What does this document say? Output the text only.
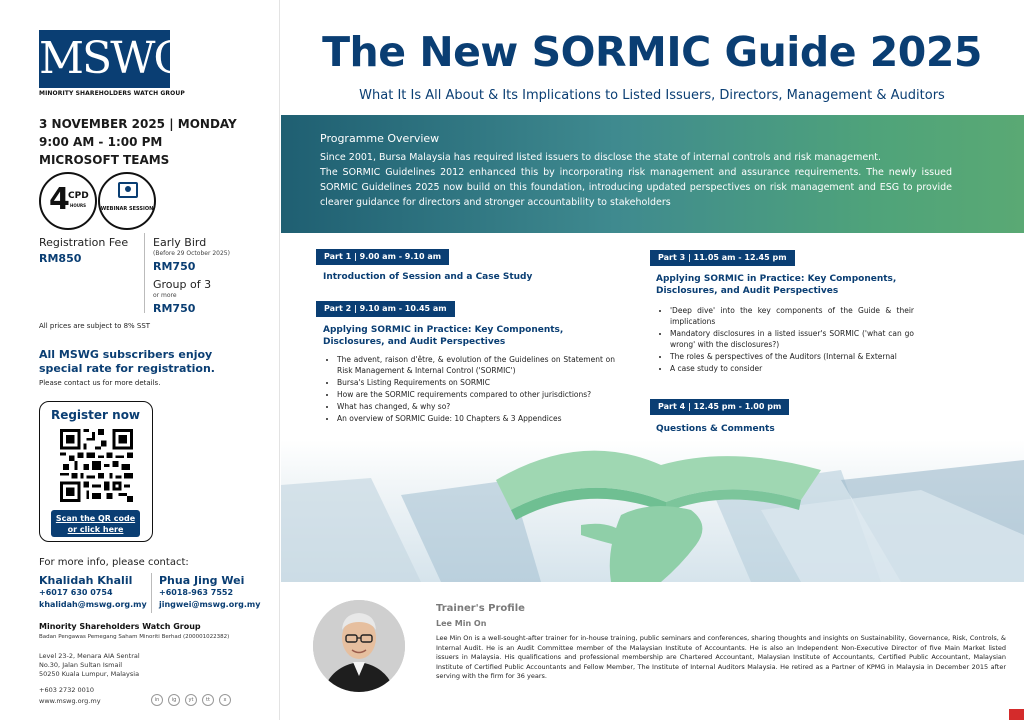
MSWG
MINORITY SHAREHOLDERS WATCH GROUP
3 NOVEMBER 2025 | MONDAY
9:00 AM - 1:00 PM
MICROSOFT TEAMS
4
CPD
HOURS
WEBINAR SESSION
Registration Fee
RM850
Early Bird
(Before 29 October 2025)
RM750
Group of 3
or more
RM750
All prices are subject to 8% SST
All MSWG subscribers enjoy special rate for registration.
Please contact us for more details.
Register now
Scan the QR code
or click here
For more info, please contact:
Khalidah Khalil
+6017 630 0754
khalidah@mswg.org.my
Phua Jing Wei
+6018-963 7552
jingwei@mswg.org.my
Minority Shareholders Watch Group
Badan Pengawas Pemegang Saham Minoriti Berhad (200001022382)
Level 23-2, Menara AIA Sentral
No.30, Jalan Sultan Ismail
50250 Kuala Lumpur, Malaysia
+603 2732 0010
www.mswg.org.my	in	ig	yt	tt	x
The New SORMIC Guide 2025
What It Is All About & Its Implications to Listed Issuers, Directors, Management & Auditors
Programme Overview
Since 2001, Bursa Malaysia has required listed issuers to disclose the state of internal controls and risk management.
The SORMIC Guidelines 2012 enhanced this by incorporating risk management and assurance requirements. The newly issued SORMIC Guidelines 2025 now build on this foundation, introducing updated perspectives on risk management and ESG to provide clearer guidance for directors and stronger accountability to stakeholders
Part 1 | 9.00 am - 9.10 am
Introduction of Session and a Case Study
Part 2 | 9.10 am - 10.45 am
Applying SORMIC in Practice: Key Components, Disclosures, and Audit Perspectives
• The advent, raison d'être, & evolution of the Guidelines on Statement on Risk Management & Internal Control ('SORMIC')
• Bursa's Listing Requirements on SORMIC
• How are the SORMIC requirements compared to other jurisdictions?
• What has changed, & why so?
• An overview of SORMIC Guide: 10 Chapters & 3 Appendices
Part 3 | 11.05 am - 12.45 pm
Applying SORMIC in Practice: Key Components, Disclosures, and Audit Perspectives
• 'Deep dive' into the key components of the Guide & their implications
• Mandatory disclosures in a listed issuer's SORMIC ('what can go wrong' with the disclosures?)
• The roles & perspectives of the Auditors (Internal & External
• A case study to consider
Part 4 | 12.45 pm - 1.00 pm
Questions & Comments
Trainer's Profile
Lee Min On
Lee Min On is a well-sought-after trainer for in-house training, public seminars and conferences, sharing thoughts and insights on Sustainability, Governance, Risk, Controls, & Internal Audit. He is an Audit Committee member of the Malaysian Institute of Accountants. He is also an Independent Non-Executive Director of five Main Market listed issuers in Malaysia. His qualifications and professional membership are Chartered Accountant, Malaysian Institute of Accountants, Certified Public Accountant, Malaysian Institute of Certified Public Accountants and Fellow Member, The Institute of Internal Auditors Malaysia. He retired as a Partner of KPMG in Malaysia in December 2015 after serving with the firm for 36 years.
